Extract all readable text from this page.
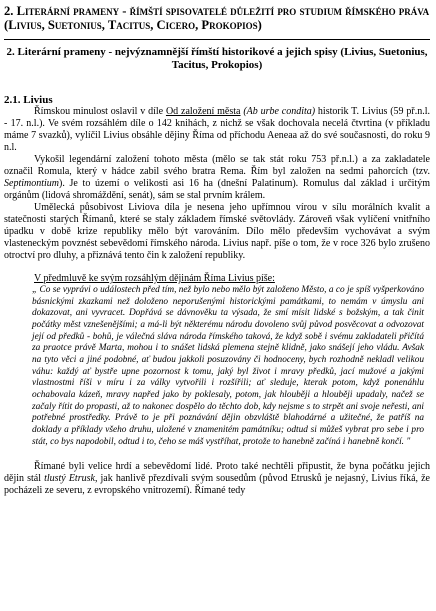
2. Literární prameny - římští spisovatelé důležití pro studium římského práva (Livius, Suetonius, Tacitus, Cicero, Prokopios)
2. Literární prameny - nejvýznamnější římští historikové a jejich spisy (Livius, Suetonius, Tacitus, Prokopios)
2.1. Livius

Římskou minulost oslavil v díle Od založení města (Ab urbe condita) historik T. Livius (59 př.n.l. - 17. n.l.). Ve svém rozsáhlém díle o 142 knihách, z nichž se však dochovala necelá čtvrtina (v příkladu máme 7 svazků), vylíčil Livius obsáhle dějiny Říma od příchodu Aeneaa až do své současnosti, do roku 9 n.l.

Vykošil legendární založení tohoto města (mělo se tak stát roku 753 př.n.l.) a za zakladatele označil Romula, který v hádce zabil svého bratra Rema. Řím byl založen na sedmi pahorcích (tzv. Septimontium). Je to území o velikosti asi 16 ha (dnešní Palatinum). Romulus dal základ i určitým orgánům (lidová shromáždění, senát), sám se stal prvním králem.

Umělecká působivost Liviova díla je nesena jeho upřímnou vírou v sílu morálních kvalit a statečnosti starých Římanů, které se staly základem římské světovlády. Zároveň však vylíčení vnitřního úpadku v době krize republiky mělo být varováním. Dílo mělo především vychovávat a svým vlasteneckým povznést sebevědomí římského národa. Livius např. píše o tom, že v roce 326 bylo zrušeno otroctví pro dluhy, a přiznává tento čin k založení republiky.

V předmluvě ke svým rozsáhlým dějinám Říma Livius píše:
„ Co se vyprávi o událostech před tím, než bylo nebo mělo být založeno Město, a co je spíš vyšperkováno básnickými zkazkami než doloženo neporušenými historickými památkami, to nemám v úmyslu ani dokazovat, ani vyvracet. Dopřává se dávnověku ta výsada, že smí mísit lidské s božským, a tak činit počátky měst vznešenějšími; a má-li být některému národu dovoleno svůj původ posvěcovat a odvozovat její od předků - bohů, je válečná sláva národa římského taková, že když sobě i svému zakladateli přičítá za praotce právě Marta, mohou i to snášet lidská plemena stejně klidně, jako snášejí jeho vládu. Avšak na tyto věci a jiné podobné, ať budou jakkoli posuzovány či hodnoceny, bych rozhodně nekladl velikou váhu: každý ať bystře upne pozornost k tomu, jaký byl život i mravy předků, jací mužové a jakými vlastnostmi říši v míru i za války vytvořili i rozšířili; ať sleduje, kterak potom, když ponenáhlu ochabovala kázeň, mravy napřed jako by poklesaly, potom, jak hlouběji a hlouběji upadaly, načež se začaly řítit do propasti, až to nakonec dospělo do těchto dob, kdy nejsme s to strpět ani svoje neřesti, ani potřebné prostředky. Právě to je při poznávání dějin obzvláště blahodárné a užitečné, že patříš na doklady a příklady všeho druhu, uložené v znamenitém památníku; odtud si můžeš vybrat pro sebe i pro stát, co bys napodobil, odtud i to, čeho se máš vystříhat, protože to hanebně začíná i hanebně končí. "

Římané byli velice hrdí a sebevědomí lidé. Proto také nechtěli připustit, že byna počátku jejich dějin stál tlustý Etrusk, jak hanlivě přezdívali svým sousedům (původ Etrusků je nejasný, Livius říká, že pocházeli ze severu, z evropského vnitrozemí). Římané tedy
